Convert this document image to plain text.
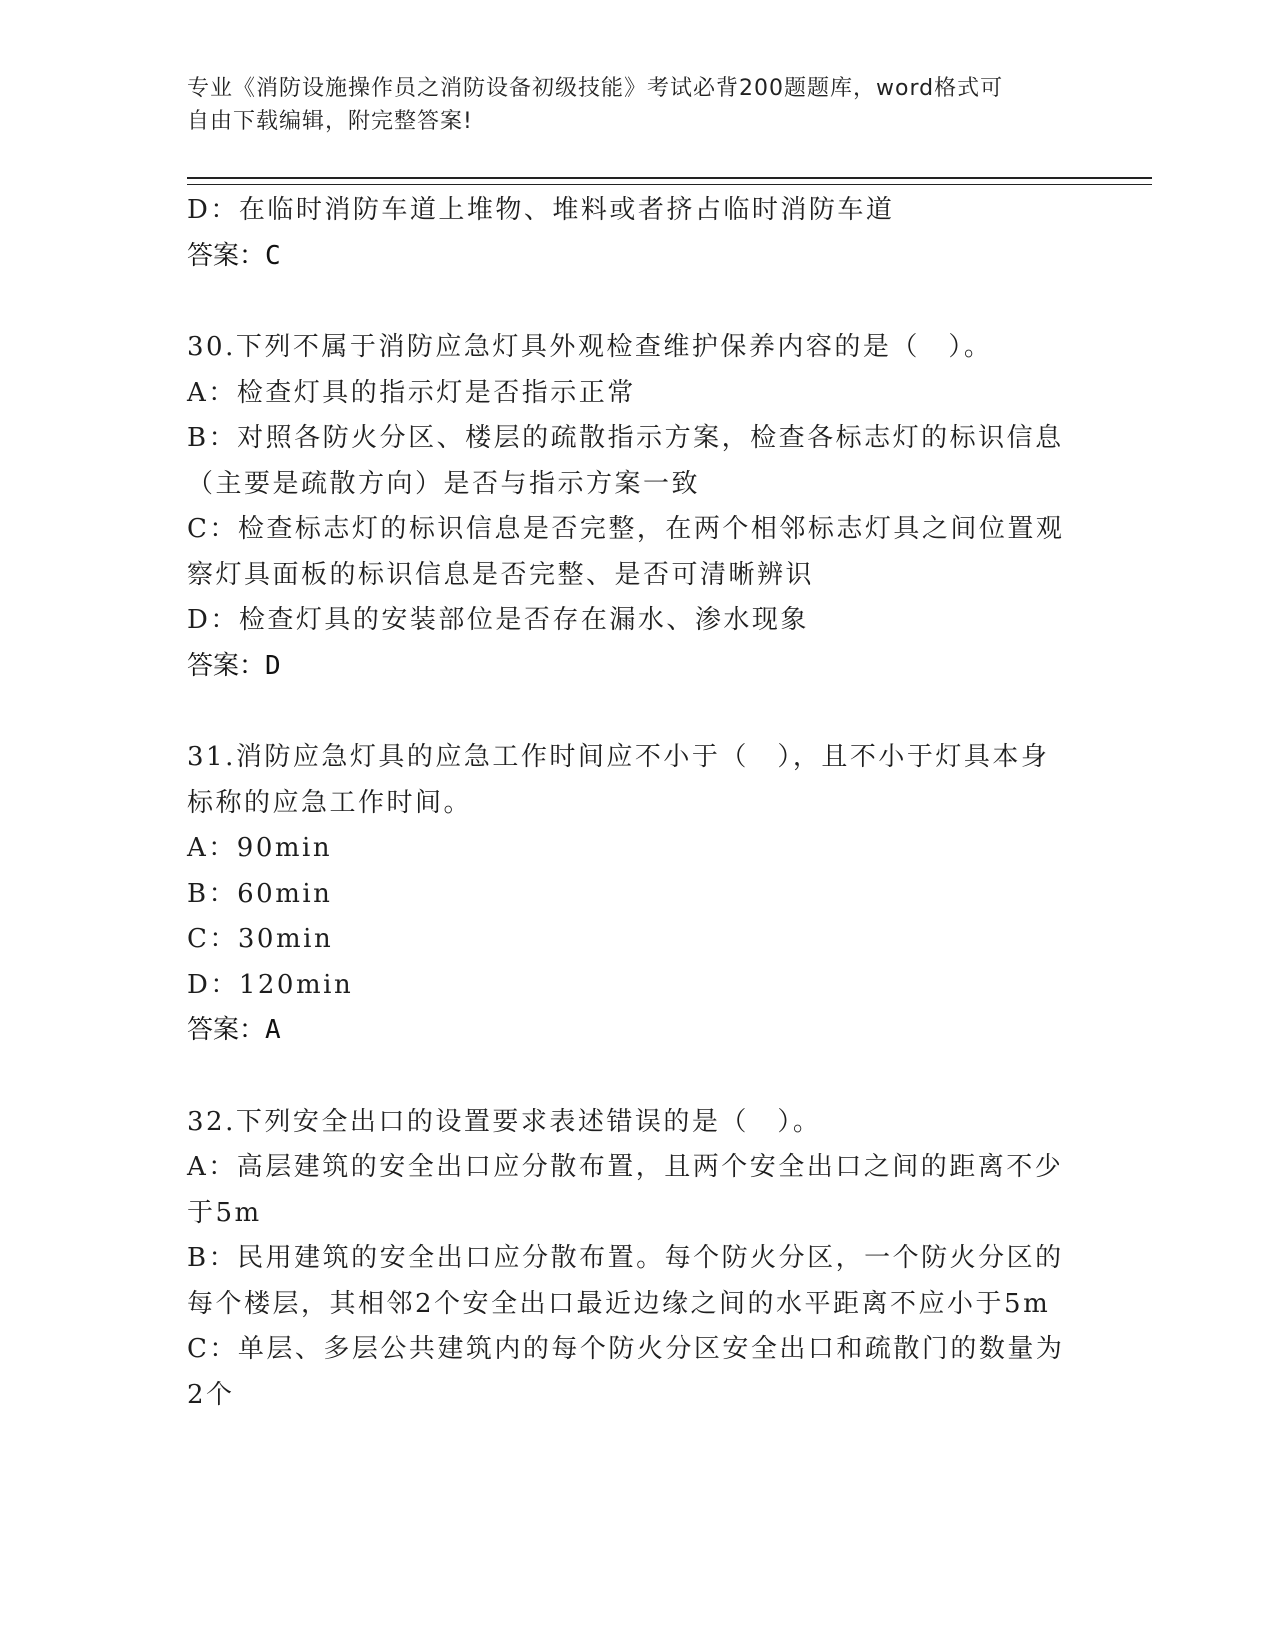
专业《消防设施操作员之消防设备初级技能》考试必背200题题库，word格式可
自由下载编辑，附完整答案!
D：在临时消防车道上堆物、堆料或者挤占临时消防车道
答案：C
30.下列不属于消防应急灯具外观检查维护保养内容的是（　）。
A：检查灯具的指示灯是否指示正常
B：对照各防火分区、楼层的疏散指示方案，检查各标志灯的标识信息
（主要是疏散方向）是否与指示方案一致
C：检查标志灯的标识信息是否完整，在两个相邻标志灯具之间位置观
察灯具面板的标识信息是否完整、是否可清晰辨识
D：检查灯具的安装部位是否存在漏水、渗水现象
答案：D
31.消防应急灯具的应急工作时间应不小于（　），且不小于灯具本身
标称的应急工作时间。
A：90min
B：60min
C：30min
D：120min
答案：A
32.下列安全出口的设置要求表述错误的是（　）。
A：高层建筑的安全出口应分散布置，且两个安全出口之间的距离不少
于5m
B：民用建筑的安全出口应分散布置。每个防火分区，一个防火分区的
每个楼层，其相邻2个安全出口最近边缘之间的水平距离不应小于5m
C：单层、多层公共建筑内的每个防火分区安全出口和疏散门的数量为
2个
